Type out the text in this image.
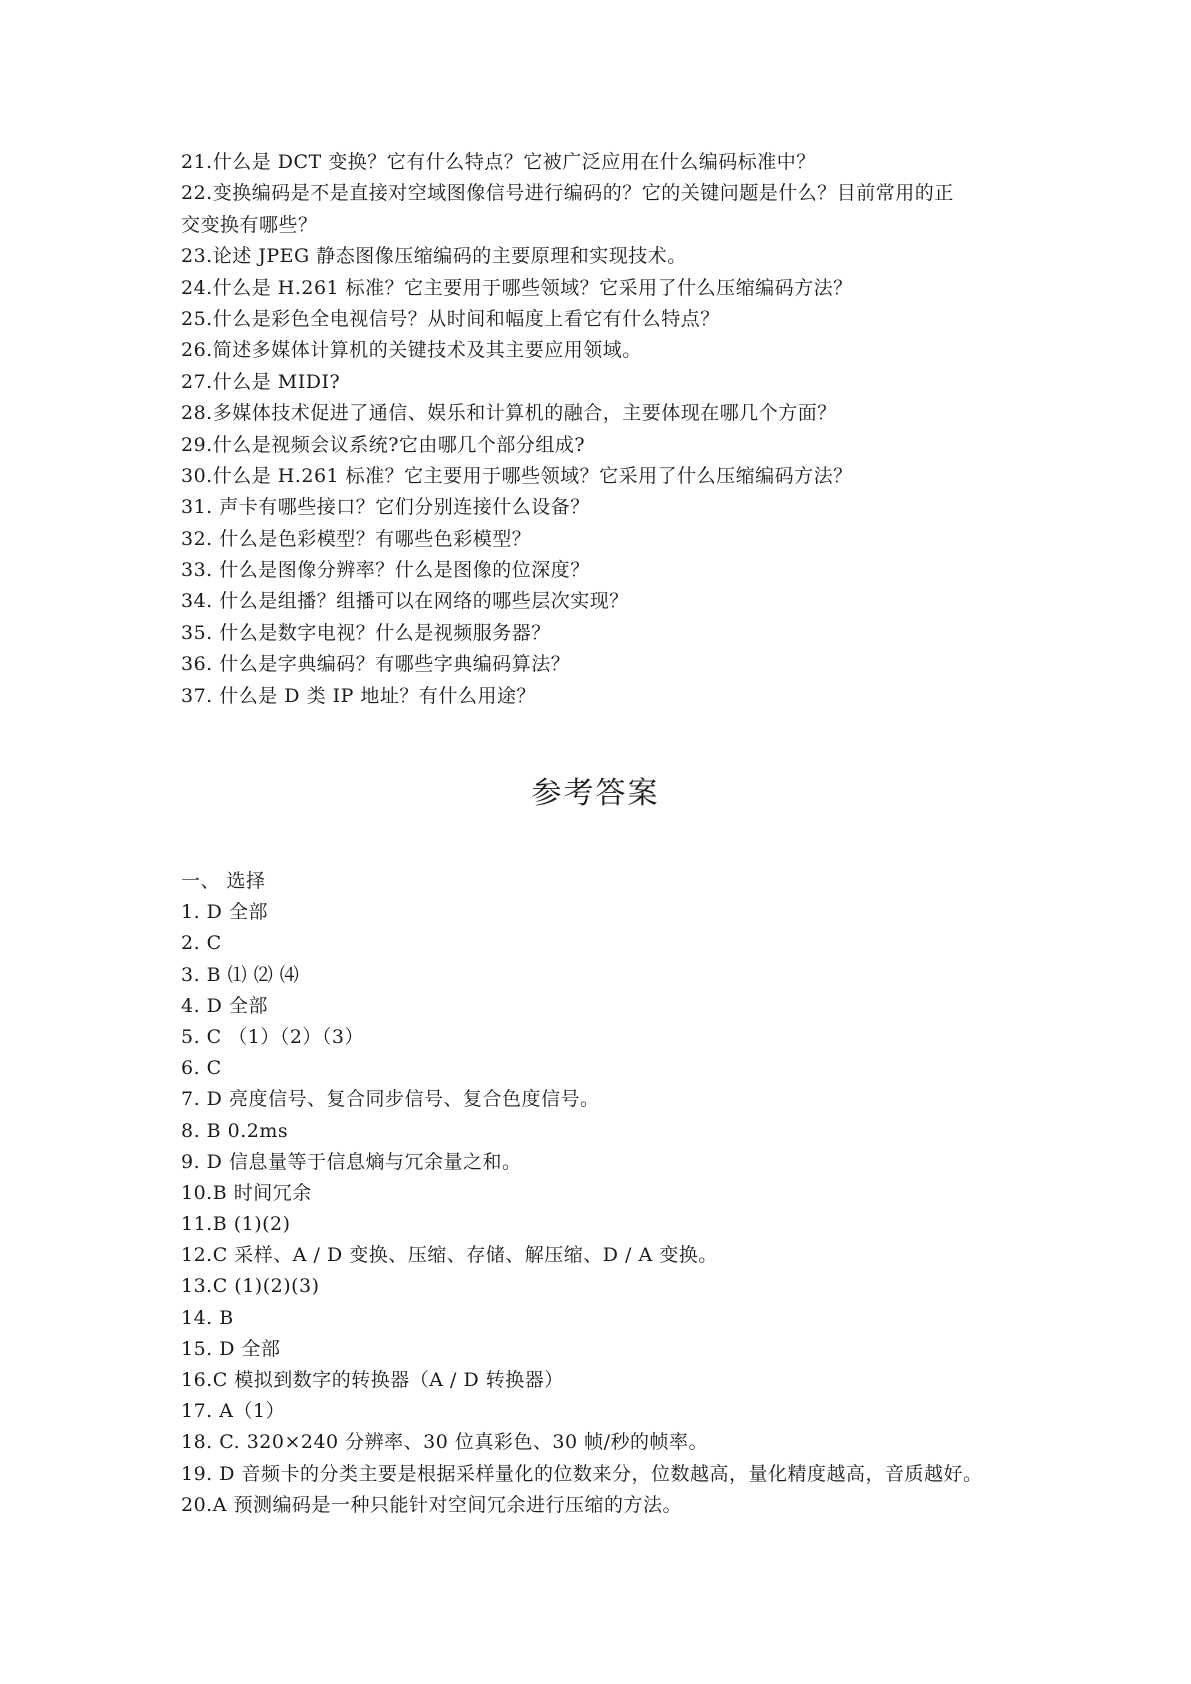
21.什么是 DCT 变换？它有什么特点？它被广泛应用在什么编码标准中？
22.变换编码是不是直接对空域图像信号进行编码的？它的关键问题是什么？目前常用的正
交变换有哪些？
23.论述 JPEG 静态图像压缩编码的主要原理和实现技术。
24.什么是 H.261 标准？它主要用于哪些领域？它采用了什么压缩编码方法？
25.什么是彩色全电视信号？从时间和幅度上看它有什么特点？
26.简述多媒体计算机的关键技术及其主要应用领域。
27.什么是 MIDI?
28.多媒体技术促进了通信、娱乐和计算机的融合，主要体现在哪几个方面？
29.什么是视频会议系统?它由哪几个部分组成?
30.什么是 H.261 标准？它主要用于哪些领域？它采用了什么压缩编码方法？
31. 声卡有哪些接口？它们分别连接什么设备？
32. 什么是色彩模型？有哪些色彩模型？
33. 什么是图像分辨率？什么是图像的位深度？
34. 什么是组播？组播可以在网络的哪些层次实现？
35. 什么是数字电视？什么是视频服务器？
36. 什么是字典编码？有哪些字典编码算法？
37. 什么是 D 类 IP 地址？有什么用途？
参考答案
一、 选择
1. D 全部
2. C
3. B ⑴ ⑵ ⑷
4. D 全部
5. C （1）（2）（3）
6. C
7. D 亮度信号、复合同步信号、复合色度信号。
8. B 0.2ms
9. D 信息量等于信息熵与冗余量之和。
10.B 时间冗余
11.B (1)(2)
12.C 采样、A / D 变换、压缩、存储、解压缩、D / A 变换。
13.C (1)(2)(3)
14. B
15. D 全部
16.C 模拟到数字的转换器（A / D 转换器）
17. A（1）
18. C. 320×240 分辨率、30 位真彩色、30 帧/秒的帧率。
19. D 音频卡的分类主要是根据采样量化的位数来分，位数越高，量化精度越高，音质越好。
20.A 预测编码是一种只能针对空间冗余进行压缩的方法。
